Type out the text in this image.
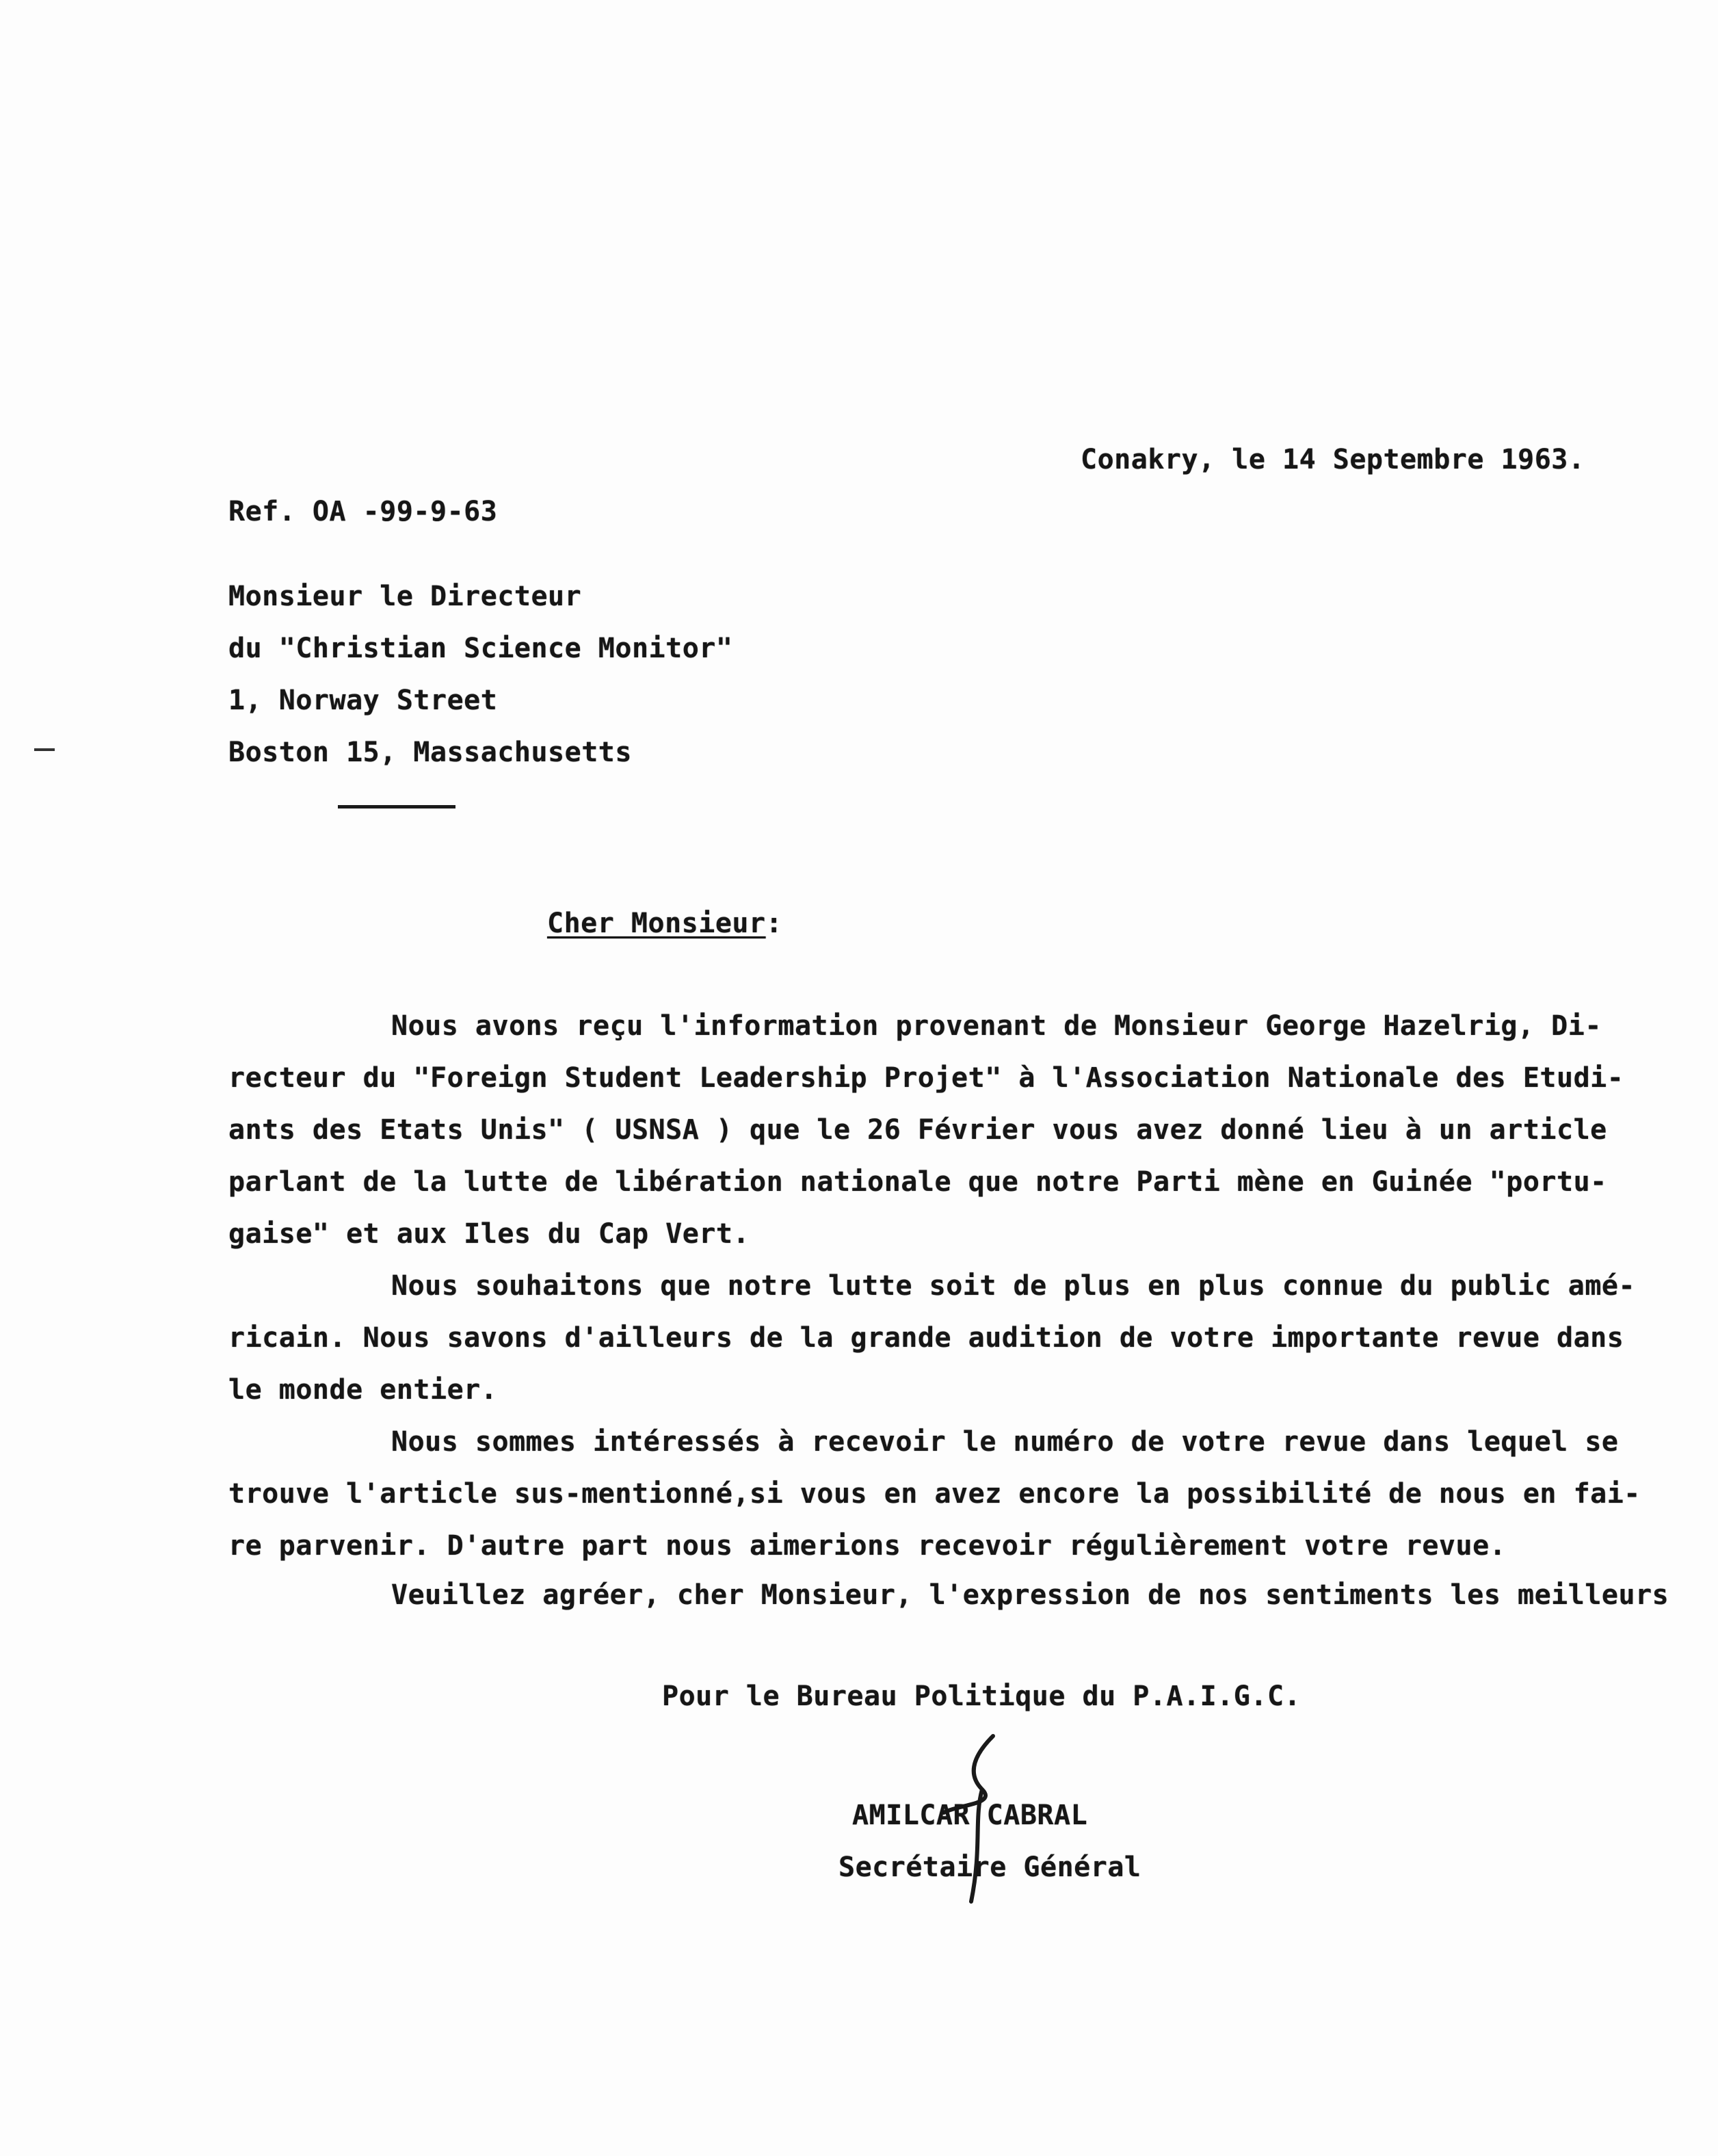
Conakry, le 14 Septembre 1963.
Ref. OA -99-9-63
Monsieur le Directeur
du "Christian Science Monitor"
1, Norway Street
Boston 15, Massachusetts
Cher Monsieur:
Nous avons reçu l'information provenant de Monsieur George Hazelrig, Di-
recteur du "Foreign Student Leadership Projet" à l'Association Nationale des Etudi-
ants des Etats Unis" ( USNSA ) que le 26 Février vous avez donné lieu à un article
parlant de la lutte de libération nationale que notre Parti mène en Guinée "portu-
gaise" et aux Iles du Cap Vert.
Nous souhaitons que notre lutte soit de plus en plus connue du public amé-
ricain. Nous savons d'ailleurs de la grande audition de votre importante revue dans
le monde entier.
Nous sommes intéressés à recevoir le numéro de votre revue dans lequel se
trouve l'article sus-mentionné,si vous en avez encore la possibilité de nous en fai-
re parvenir. D'autre part nous aimerions recevoir régulièrement votre revue.
Veuillez agréer, cher Monsieur, l'expression de nos sentiments les meilleurs
Pour le Bureau Politique du P.A.I.G.C.
AMILCAR CABRAL
Secrétaire Général
